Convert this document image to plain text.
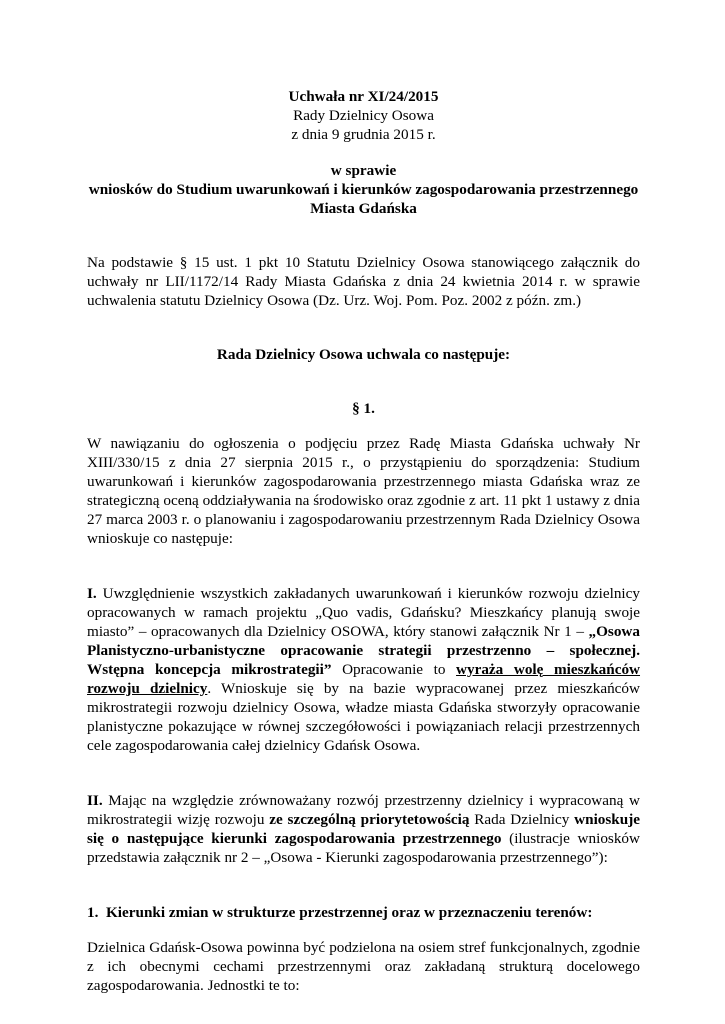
Uchwała nr XI/24/2015
Rady Dzielnicy Osowa
z dnia 9 grudnia 2015 r.
w sprawie
wniosków do Studium uwarunkowań i kierunków zagospodarowania przestrzennego
Miasta Gdańska

Na podstawie § 15 ust. 1 pkt 10 Statutu Dzielnicy Osowa stanowiącego załącznik do uchwały nr LII/1172/14 Rady Miasta Gdańska z dnia 24 kwietnia 2014 r. w sprawie uchwalenia statutu Dzielnicy Osowa (Dz. Urz. Woj. Pom. Poz. 2002 z późn. zm.)

Rada Dzielnicy Osowa uchwala co następuje:
§ 1.

W nawiązaniu do ogłoszenia o podjęciu przez Radę Miasta Gdańska uchwały Nr XIII/330/15 z dnia 27 sierpnia 2015 r., o przystąpieniu do sporządzenia: Studium uwarunkowań i kierunków zagospodarowania przestrzennego miasta Gdańska wraz ze strategiczną oceną oddziaływania na środowisko oraz zgodnie z art. 11 pkt 1 ustawy z dnia 27 marca 2003 r. o planowaniu i zagospodarowaniu przestrzennym Rada Dzielnicy Osowa wnioskuje co następuje:

I. Uwzględnienie wszystkich zakładanych uwarunkowań i kierunków rozwoju dzielnicy opracowanych w ramach projektu „Quo vadis, Gdańsku? Mieszkańcy planują swoje miasto” – opracowanych dla Dzielnicy OSOWA, który stanowi załącznik Nr 1 – „Osowa Planistyczno-urbanistyczne opracowanie strategii przestrzenno – społecznej. Wstępna koncepcja mikrostrategii” Opracowanie to wyraża wolę mieszkańców rozwoju dzielnicy. Wnioskuje się by na bazie wypracowanej przez mieszkańców mikrostrategii rozwoju dzielnicy Osowa, władze miasta Gdańska stworzyły opracowanie planistyczne pokazujące w równej szczegółowości i powiązaniach relacji przestrzennych cele zagospodarowania całej dzielnicy Gdańsk Osowa.

II. Mając na względzie zrównoważany rozwój przestrzenny dzielnicy i wypracowaną w mikrostrategii wizję rozwoju ze szczególną priorytetowością Rada Dzielnicy wnioskuje się o następujące kierunki zagospodarowania przestrzennego (ilustracje wniosków przedstawia załącznik nr 2 – „Osowa - Kierunki zagospodarowania przestrzennego”):

1.  Kierunki zmian w strukturze przestrzennej oraz w przeznaczeniu terenów:

Dzielnica Gdańsk-Osowa powinna być podzielona na osiem stref funkcjonalnych, zgodnie z ich obecnymi cechami przestrzennymi oraz zakładaną strukturą docelowego zagospodarowania. Jednostki te to:
